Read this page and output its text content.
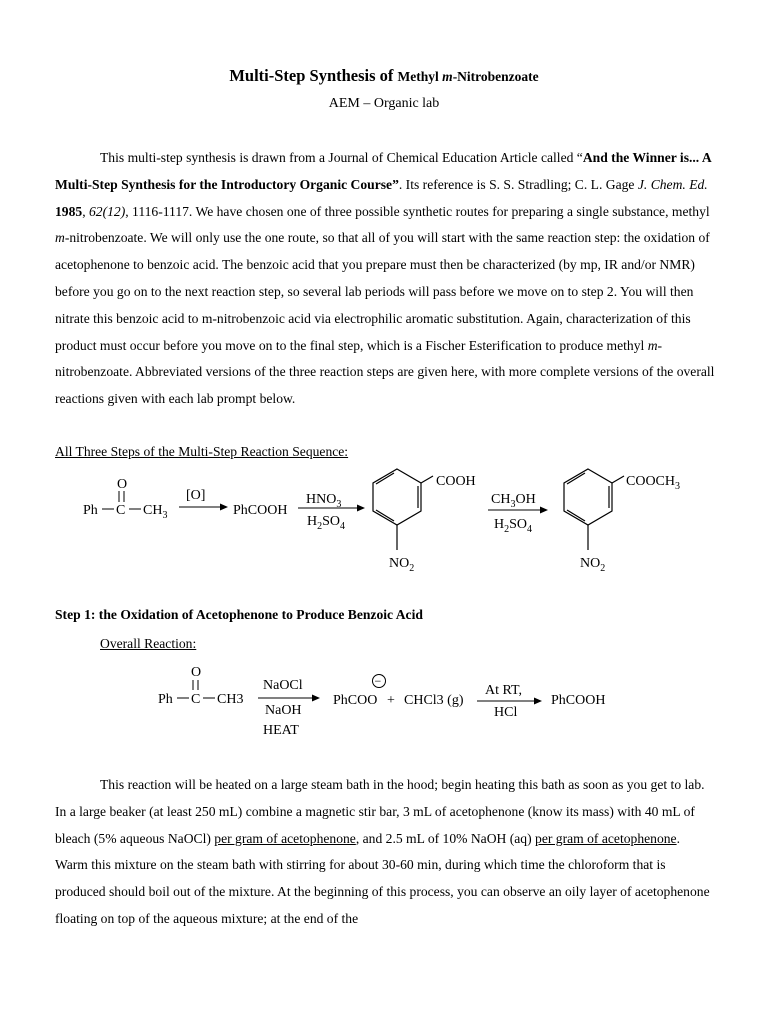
Multi-Step Synthesis of Methyl m-Nitrobenzoate
AEM – Organic lab
This multi-step synthesis is drawn from a Journal of Chemical Education Article called “And the Winner is... A Multi-Step Synthesis for the Introductory Organic Course”. Its reference is S. S. Stradling; C. L. Gage J. Chem. Ed. 1985, 62(12), 1116-1117. We have chosen one of three possible synthetic routes for preparing a single substance, methyl m-nitrobenzoate. We will only use the one route, so that all of you will start with the same reaction step: the oxidation of acetophenone to benzoic acid. The benzoic acid that you prepare must then be characterized (by mp, IR and/or NMR) before you go on to the next reaction step, so several lab periods will pass before we move on to step 2. You will then nitrate this benzoic acid to m-nitrobenzoic acid via electrophilic aromatic substitution. Again, characterization of this product must occur before you move on to the final step, which is a Fischer Esterification to produce methyl m-nitrobenzoate. Abbreviated versions of the three reaction steps are given here, with more complete versions of the overall reactions given with each lab prompt below.
All Three Steps of the Multi-Step Reaction Sequence:
O
Ph C $CH_3$
[O]
PhCOOH
$HNO_3$
$H_2SO_4$
COOH
$NO_2$
$CH_3OH$
$H_2SO_4$
$COOCH_3$
$NO_2$
O
Ph C CH3
NaOCl
NaOH
HEAT
−
PhCOO + CHCl3 (g)
At RT,
HCl
PhCOOH
Step 1: the Oxidation of Acetophenone to Produce Benzoic Acid
Overall Reaction:
This reaction will be heated on a large steam bath in the hood; begin heating this bath as soon as you get to lab. In a large beaker (at least 250 mL) combine a magnetic stir bar, 3 mL of acetophenone (know its mass) with 40 mL of bleach (5% aqueous NaOCl) per gram of acetophenone, and 2.5 mL of 10% NaOH (aq) per gram of acetophenone. Warm this mixture on the steam bath with stirring for about 30-60 min, during which time the chloroform that is produced should boil out of the mixture. At the beginning of this process, you can observe an oily layer of acetophenone floating on top of the aqueous mixture; at the end of the
